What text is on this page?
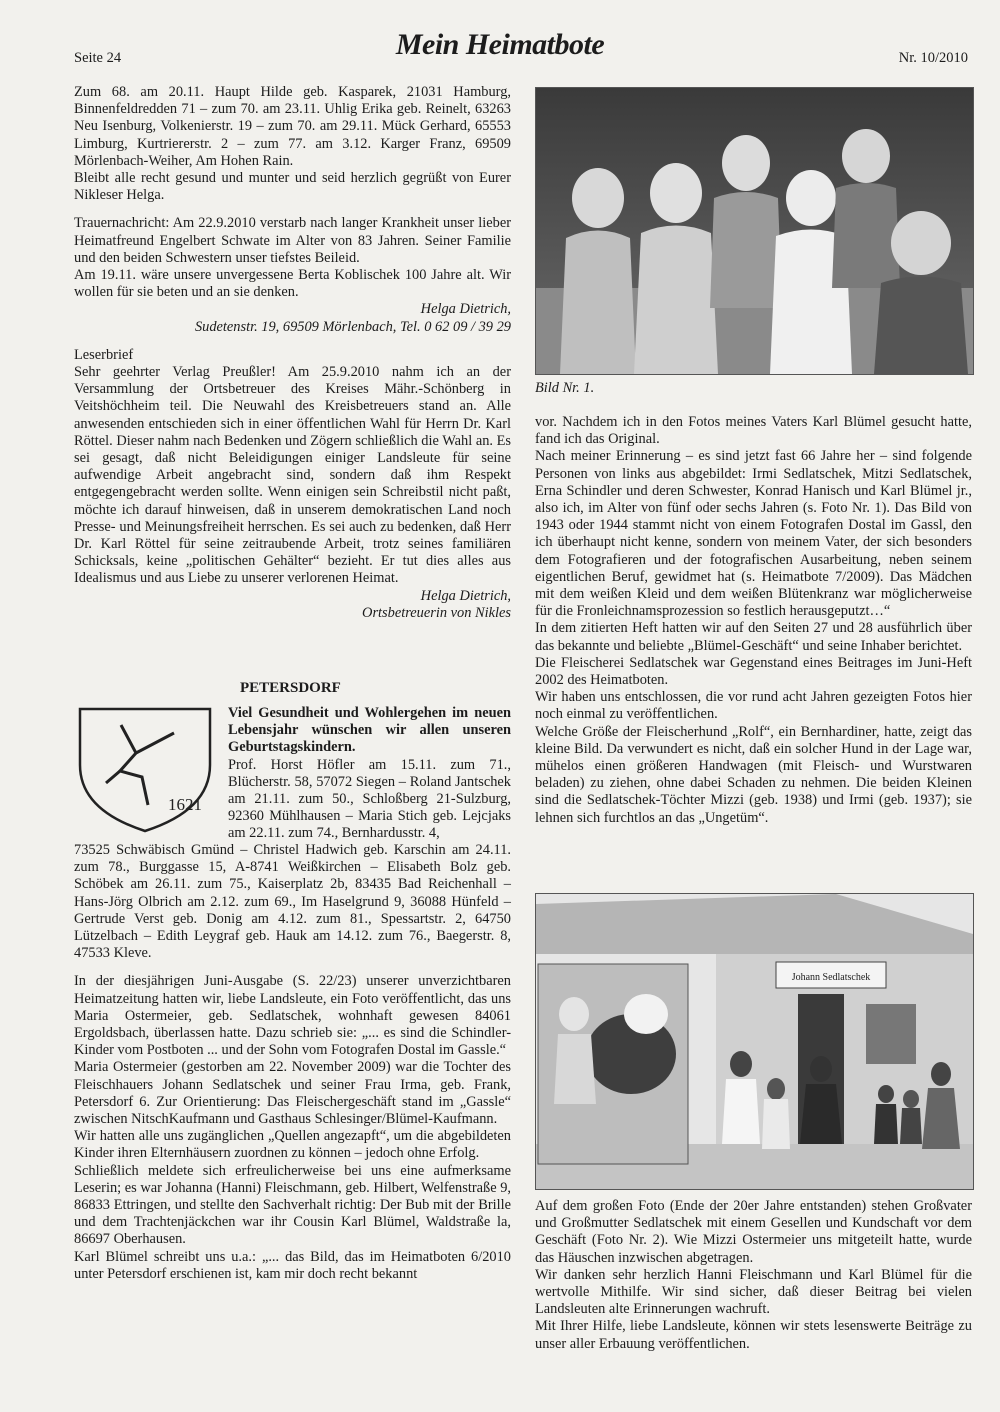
Seite 24	Mein Heimatbote	Nr. 10/2010

Zum 68. am 20.11. Haupt Hilde geb. Kasparek, 21031 Hamburg, Binnenfeldredden 71 – zum 70. am 23.11. Uhlig Erika geb. Reinelt, 63263 Neu Isenburg, Volkenierstr. 19 – zum 70. am 29.11. Mück Gerhard, 65553 Limburg, Kurtriererstr. 2 – zum 77. am 3.12. Karger Franz, 69509 Mörlenbach-Weiher, Am Hohen Rain.

Bleibt alle recht gesund und munter und seid herzlich gegrüßt von Eurer Nikleser Helga.

Trauernachricht: Am 22.9.2010 verstarb nach langer Krankheit unser lieber Heimatfreund Engelbert Schwate im Alter von 83 Jahren. Seiner Familie und den beiden Schwestern unser tiefstes Beileid.

Am 19.11. wäre unsere unvergessene Berta Koblischek 100 Jahre alt. Wir wollen für sie beten und an sie denken.

Helga Dietrich,

Sudetenstr. 19, 69509 Mörlenbach, Tel. 0 62 09 / 39 29

Leserbrief

Sehr geehrter Verlag Preußler! Am 25.9.2010 nahm ich an der Versammlung der Ortsbetreuer des Kreises Mähr.-Schönberg in Veitshöchheim teil. Die Neuwahl des Kreisbetreuers stand an. Alle anwesenden entschieden sich in einer öffentlichen Wahl für Herrn Dr. Karl Röttel. Dieser nahm nach Bedenken und Zögern schließlich die Wahl an. Es sei gesagt, daß nicht Beleidigungen einiger Landsleute für seine aufwendige Arbeit angebracht sind, sondern daß ihm Respekt entgegengebracht werden sollte. Wenn einigen sein Schreibstil nicht paßt, möchte ich darauf hinweisen, daß in unserem demokratischen Land noch Presse- und Meinungsfreiheit herrschen. Es sei auch zu bedenken, daß Herr Dr. Karl Röttel für seine zeitraubende Arbeit, trotz seines familiären Schicksals, keine „politischen Gehälter“ bezieht. Er tut dies alles aus Idealismus und aus Liebe zu unserer verlorenen Heimat.

Helga Dietrich,

Ortsbetreuerin von Nikles

PETERSDORF
1621

Viel Gesundheit und Wohlergehen im neuen Lebensjahr wünschen wir allen unseren Geburtstagskindern.

Prof. Horst Höfler am 15.11. zum 71., Blücherstr. 58, 57072 Siegen – Roland Jantschek am 21.11. zum 50., Schloßberg 21-Sulzburg, 92360 Mühlhausen – Maria Stich geb. Lejcjaks am 22.11. zum 74., Bernhardusstr. 4,

73525 Schwäbisch Gmünd – Christel Hadwich geb. Karschin am 24.11. zum 78., Burggasse 15, A-8741 Weißkirchen – Elisabeth Bolz geb. Schöbek am 26.11. zum 75., Kaiserplatz 2b, 83435 Bad Reichenhall – Hans-Jörg Olbrich am 2.12. zum 69., Im Haselgrund 9, 36088 Hünfeld – Gertrude Verst geb. Donig am 4.12. zum 81., Spessartstr. 2, 64750 Lützelbach – Edith Leygraf geb. Hauk am 14.12. zum 76., Baegerstr. 8, 47533 Kleve.

In der diesjährigen Juni-Ausgabe (S. 22/23) unserer unverzichtbaren Heimatzeitung hatten wir, liebe Landsleute, ein Foto veröffentlicht, das uns Maria Ostermeier, geb. Sedlatschek, wohnhaft gewesen 84061 Ergoldsbach, überlassen hatte. Dazu schrieb sie: „... es sind die Schindler-Kinder vom Postboten ... und der Sohn vom Fotografen Dostal im Gassle.“

Maria Ostermeier (gestorben am 22. November 2009) war die Tochter des Fleischhauers Johann Sedlatschek und seiner Frau Irma, geb. Frank, Petersdorf 6. Zur Orientierung: Das Fleischergeschäft stand im „Gassle“ zwischen NitschKaufmann und Gasthaus Schlesinger/Blümel-Kaufmann.

Wir hatten alle uns zugänglichen „Quellen angezapft“, um die abgebildeten Kinder ihren Elternhäusern zuordnen zu können – jedoch ohne Erfolg.

Schließlich meldete sich erfreulicherweise bei uns eine aufmerksame Leserin; es war Johanna (Hanni) Fleischmann, geb. Hilbert, Welfenstraße 9, 86833 Ettringen, und stellte den Sachverhalt richtig: Der Bub mit der Brille und dem Trachtenjäckchen war ihr Cousin Karl Blümel, Waldstraße la, 86697 Oberhausen.

Karl Blümel schreibt uns u.a.: „... das Bild, das im Heimatboten 6/2010 unter Petersdorf erschienen ist, kam mir doch recht bekannt

Bild Nr. 1.

vor. Nachdem ich in den Fotos meines Vaters Karl Blümel gesucht hatte, fand ich das Original.

Nach meiner Erinnerung – es sind jetzt fast 66 Jahre her – sind folgende Personen von links aus abgebildet: Irmi Sedlatschek, Mitzi Sedlatschek, Erna Schindler und deren Schwester, Konrad Hanisch und Karl Blümel jr., also ich, im Alter von fünf oder sechs Jahren (s. Foto Nr. 1). Das Bild von 1943 oder 1944 stammt nicht von einem Fotografen Dostal im Gassl, den ich überhaupt nicht kenne, sondern von meinem Vater, der sich besonders dem Fotografieren und der fotografischen Ausarbeitung, neben seinem eigentlichen Beruf, gewidmet hat (s. Heimatbote 7/2009). Das Mädchen mit dem weißen Kleid und dem weißen Blütenkranz war möglicherweise für die Fronleichnamsprozession so festlich herausgeputzt…“

In dem zitierten Heft hatten wir auf den Seiten 27 und 28 ausführlich über das bekannte und beliebte „Blümel-Geschäft“ und seine Inhaber berichtet.

Die Fleischerei Sedlatschek war Gegenstand eines Beitrages im Juni-Heft 2002 des Heimatboten.

Wir haben uns entschlossen, die vor rund acht Jahren gezeigten Fotos hier noch einmal zu veröffentlichen.

Welche Größe der Fleischerhund „Rolf“, ein Bernhardiner, hatte, zeigt das kleine Bild. Da verwundert es nicht, daß ein solcher Hund in der Lage war, mühelos einen größeren Handwagen (mit Fleisch- und Wurstwaren beladen) zu ziehen, ohne dabei Schaden zu nehmen. Die beiden Kleinen sind die Sedlatschek-Töchter Mizzi (geb. 1938) und Irmi (geb. 1937); sie lehnen sich furchtlos an das „Ungetüm“.

Johann Sedlatschek

Auf dem großen Foto (Ende der 20er Jahre entstanden) stehen Großvater und Großmutter Sedlatschek mit einem Gesellen und Kundschaft vor dem Geschäft (Foto Nr. 2). Wie Mizzi Ostermeier uns mitgeteilt hatte, wurde das Häuschen inzwischen abgetragen.

Wir danken sehr herzlich Hanni Fleischmann und Karl Blümel für die wertvolle Mithilfe. Wir sind sicher, daß dieser Beitrag bei vielen Landsleuten alte Erinnerungen wachruft.

Mit Ihrer Hilfe, liebe Landsleute, können wir stets lesenswerte Beiträge zu unser aller Erbauung veröffentlichen.
